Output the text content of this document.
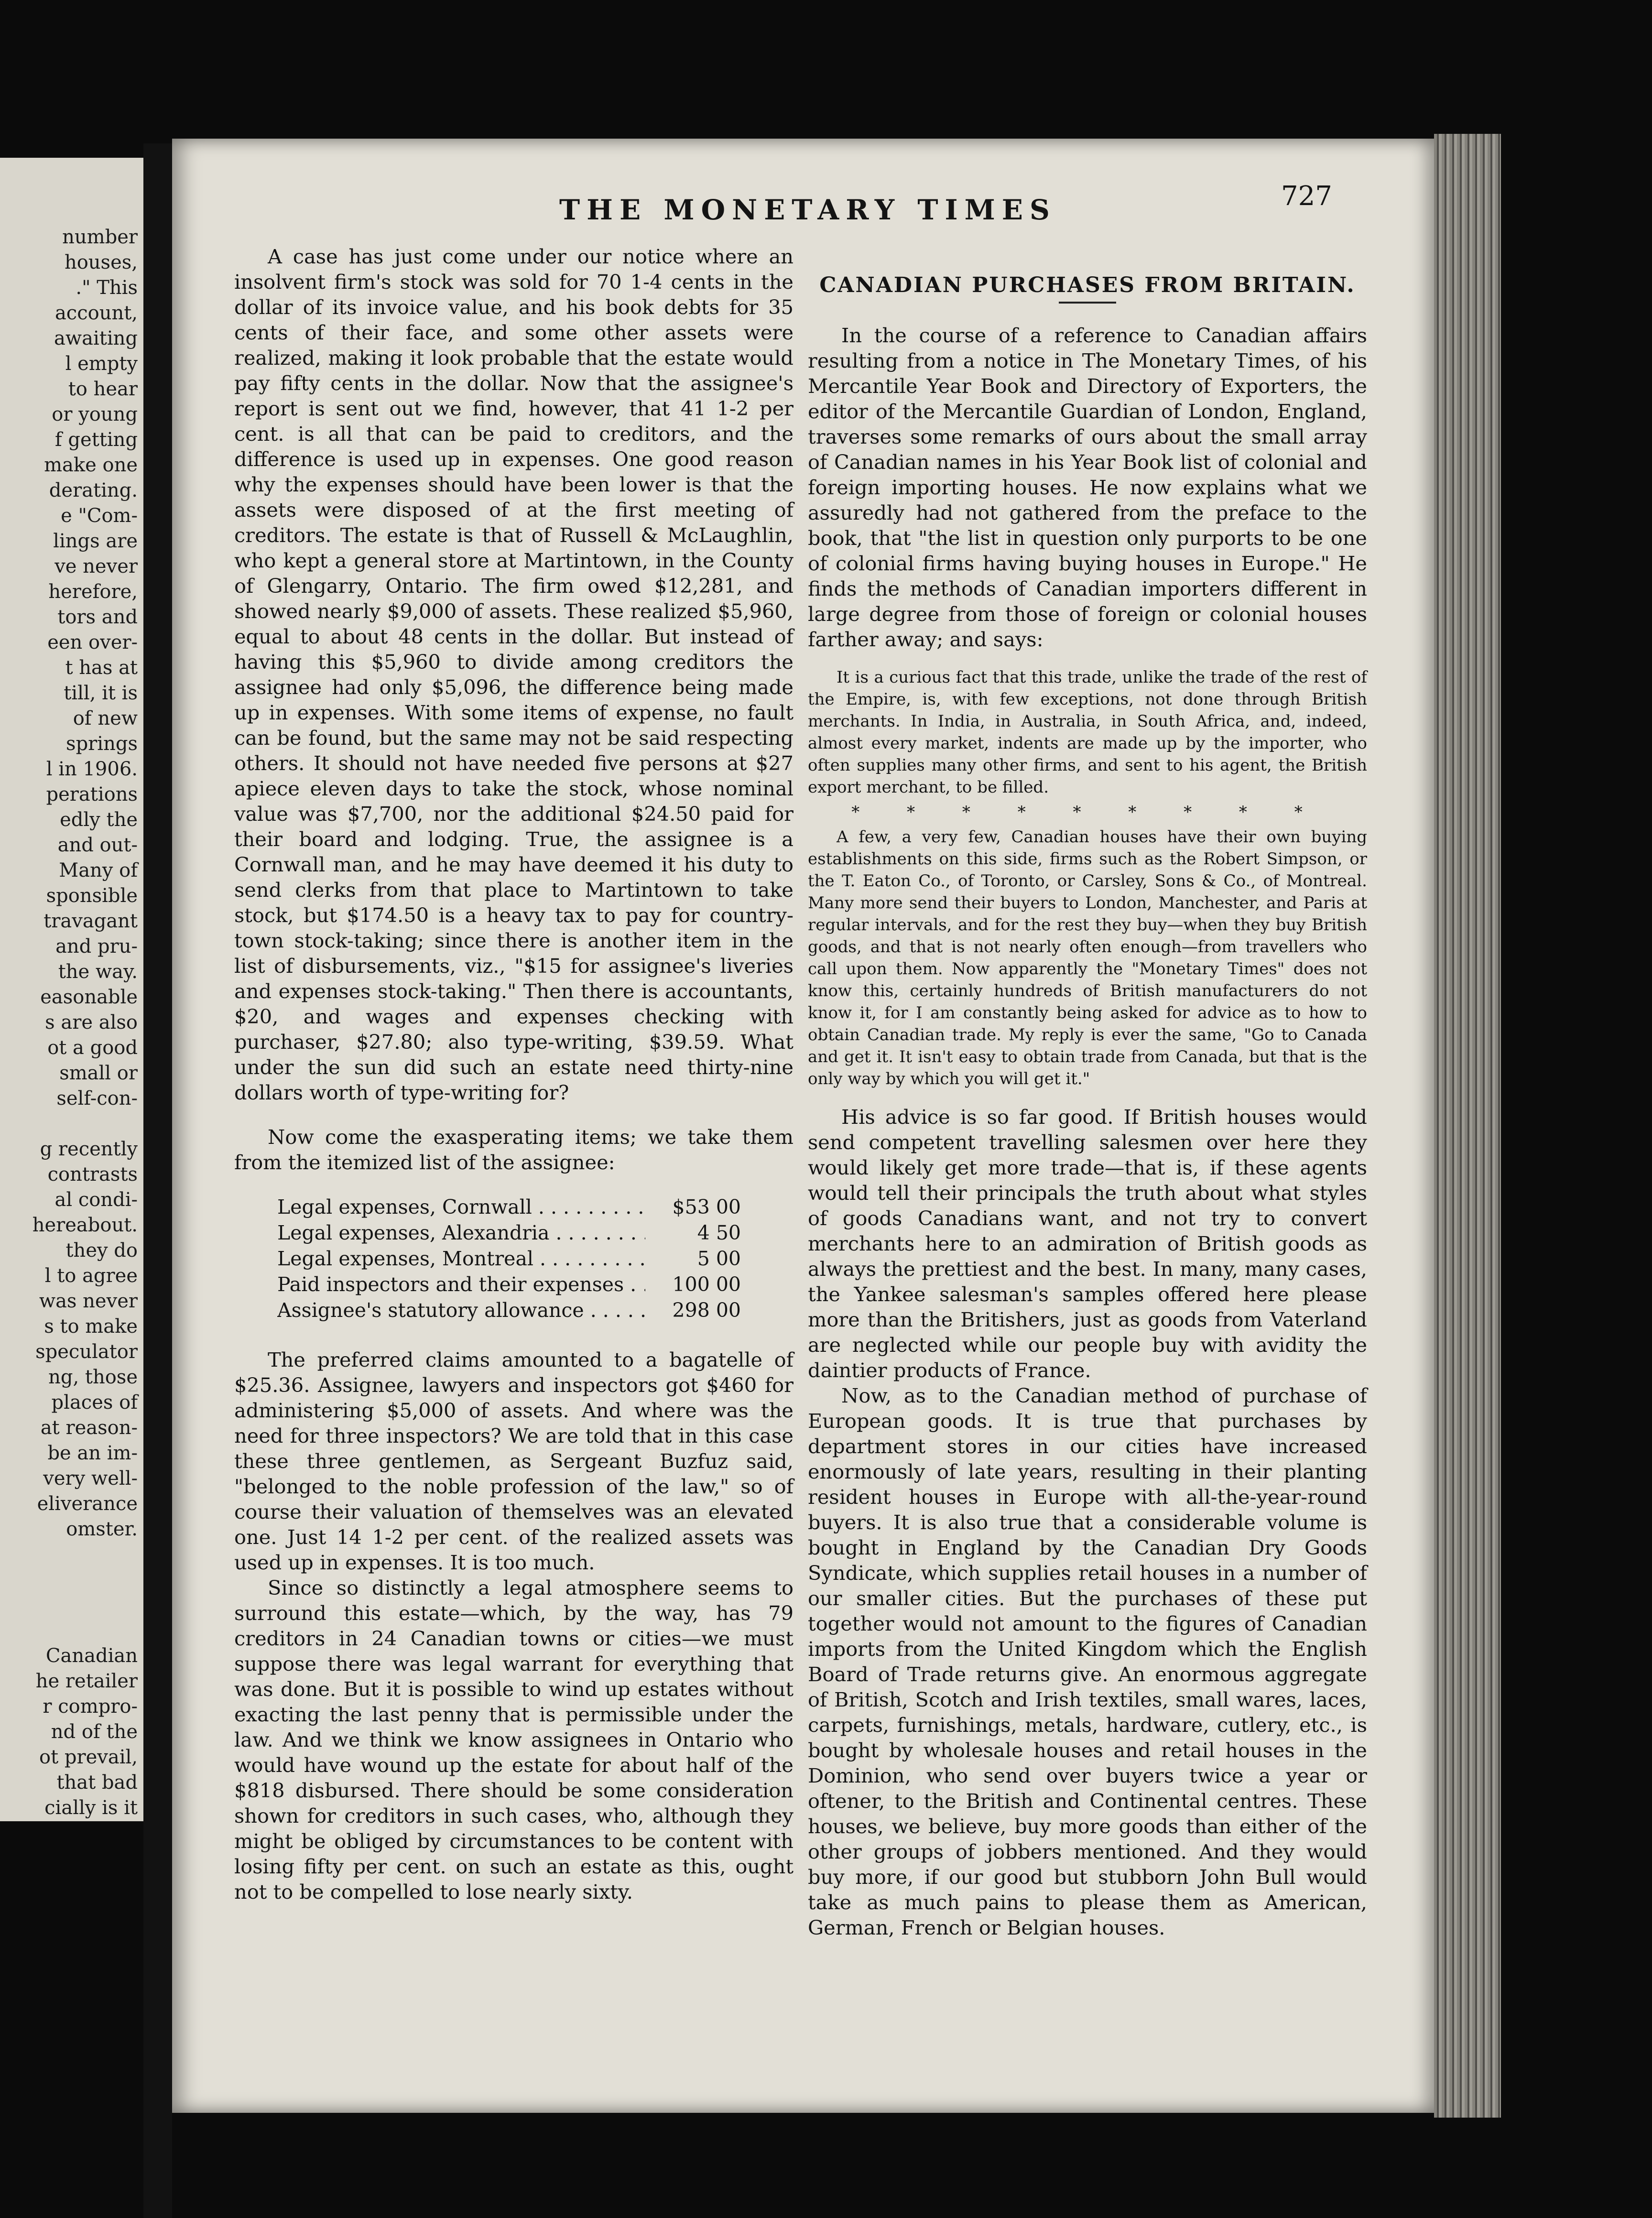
number
houses,
." This
account,
awaiting
l empty
to hear
or young
f getting
make one
derating.
e "Com-
lings are
ve never
herefore,
tors and
een over-
t has at
till, it is
of new
springs
l in 1906.
perations
edly the
and out-
Many of
sponsible
travagant
and pru-
the way.
easonable
s are also
ot a good
small or
self-con-
g recently
contrasts
al condi-
hereabout.
they do
l to agree
was never
s to make
speculator
ng, those
places of
at reason-
be an im-
very well-
eliverance
omster.
Canadian
he retailer
r compro-
nd of the
ot prevail,
that bad
cially is it
THE MONETARY TIMES	727

A case has just come under our notice where an insolvent firm's stock was sold for 70 1-4 cents in the dollar of its invoice value, and his book debts for 35 cents of their face, and some other assets were realized, making it look probable that the estate would pay fifty cents in the dollar. Now that the assignee's report is sent out we find, however, that 41 1-2 per cent. is all that can be paid to creditors, and the difference is used up in expenses. One good reason why the expenses should have been lower is that the assets were disposed of at the first meeting of creditors. The estate is that of Russell & McLaughlin, who kept a general store at Martintown, in the County of Glengarry, Ontario. The firm owed $12,281, and showed nearly $9,000 of assets. These realized $5,960, equal to about 48 cents in the dollar. But instead of having this $5,960 to divide among creditors the assignee had only $5,096, the difference being made up in expenses. With some items of expense, no fault can be found, but the same may not be said respecting others. It should not have needed five persons at $27 apiece eleven days to take the stock, whose nominal value was $7,700, nor the additional $24.50 paid for their board and lodging. True, the assignee is a Cornwall man, and he may have deemed it his duty to send clerks from that place to Martintown to take stock, but $174.50 is a heavy tax to pay for country-town stock-taking; since there is another item in the list of disbursements, viz., "$15 for assignee's liveries and expenses stock-taking." Then there is accountants, $20, and wages and expenses checking with purchaser, $27.80; also type-writing, $39.59. What under the sun did such an estate need thirty-nine dollars worth of type-writing for?

Now come the exasperating items; we take them from the itemized list of the assignee:

Legal expenses, Cornwall . . .	$53 00
Legal expenses, Alexandria . . .	4 50
Legal expenses, Montreal . . .	5 00
Paid inspectors and their expenses . . .	100 00
Assignee's statutory allowance . . .	298 00

The preferred claims amounted to a bagatelle of $25.36. Assignee, lawyers and inspectors got $460 for administering $5,000 of assets. And where was the need for three inspectors? We are told that in this case these three gentlemen, as Sergeant Buzfuz said, "belonged to the noble profession of the law," so of course their valuation of themselves was an elevated one. Just 14 1-2 per cent. of the realized assets was used up in expenses. It is too much.

Since so distinctly a legal atmosphere seems to surround this estate—which, by the way, has 79 creditors in 24 Canadian towns or cities—we must suppose there was legal warrant for everything that was done. But it is possible to wind up estates without exacting the last penny that is permissible under the law. And we think we know assignees in Ontario who would have wound up the estate for about half of the $818 disbursed. There should be some consideration shown for creditors in such cases, who, although they might be obliged by circumstances to be content with losing fifty per cent. on such an estate as this, ought not to be compelled to lose nearly sixty.

CANADIAN PURCHASES FROM BRITAIN.

In the course of a reference to Canadian affairs resulting from a notice in The Monetary Times, of his Mercantile Year Book and Directory of Exporters, the editor of the Mercantile Guardian of London, England, traverses some remarks of ours about the small array of Canadian names in his Year Book list of colonial and foreign importing houses. He now explains what we assuredly had not gathered from the preface to the book, that "the list in question only purports to be one of colonial firms having buying houses in Europe." He finds the methods of Canadian importers different in large degree from those of foreign or colonial houses farther away; and says:

It is a curious fact that this trade, unlike the trade of the rest of the Empire, is, with few exceptions, not done through British merchants. In India, in Australia, in South Africa, and, indeed, almost every market, indents are made up by the importer, who often supplies many other firms, and sent to his agent, the British export merchant, to be filled.

* * * * * * * * *

A few, a very few, Canadian houses have their own buying establishments on this side, firms such as the Robert Simpson, or the T. Eaton Co., of Toronto, or Carsley, Sons & Co., of Montreal. Many more send their buyers to London, Manchester, and Paris at regular intervals, and for the rest they buy—when they buy British goods, and that is not nearly often enough—from travellers who call upon them. Now apparently the "Monetary Times" does not know this, certainly hundreds of British manufacturers do not know it, for I am constantly being asked for advice as to how to obtain Canadian trade. My reply is ever the same, "Go to Canada and get it. It isn't easy to obtain trade from Canada, but that is the only way by which you will get it."

His advice is so far good. If British houses would send competent travelling salesmen over here they would likely get more trade—that is, if these agents would tell their principals the truth about what styles of goods Canadians want, and not try to convert merchants here to an admiration of British goods as always the prettiest and the best. In many, many cases, the Yankee salesman's samples offered here please more than the Britishers, just as goods from Vaterland are neglected while our people buy with avidity the daintier products of France.

Now, as to the Canadian method of purchase of European goods. It is true that purchases by department stores in our cities have increased enormously of late years, resulting in their planting resident houses in Europe with all-the-year-round buyers. It is also true that a considerable volume is bought in England by the Canadian Dry Goods Syndicate, which supplies retail houses in a number of our smaller cities. But the purchases of these put together would not amount to the figures of Canadian imports from the United Kingdom which the English Board of Trade returns give. An enormous aggregate of British, Scotch and Irish textiles, small wares, laces, carpets, furnishings, metals, hardware, cutlery, etc., is bought by wholesale houses and retail houses in the Dominion, who send over buyers twice a year or oftener, to the British and Continental centres. These houses, we believe, buy more goods than either of the other groups of jobbers mentioned. And they would buy more, if our good but stubborn John Bull would take as much pains to please them as American, German, French or Belgian houses.
